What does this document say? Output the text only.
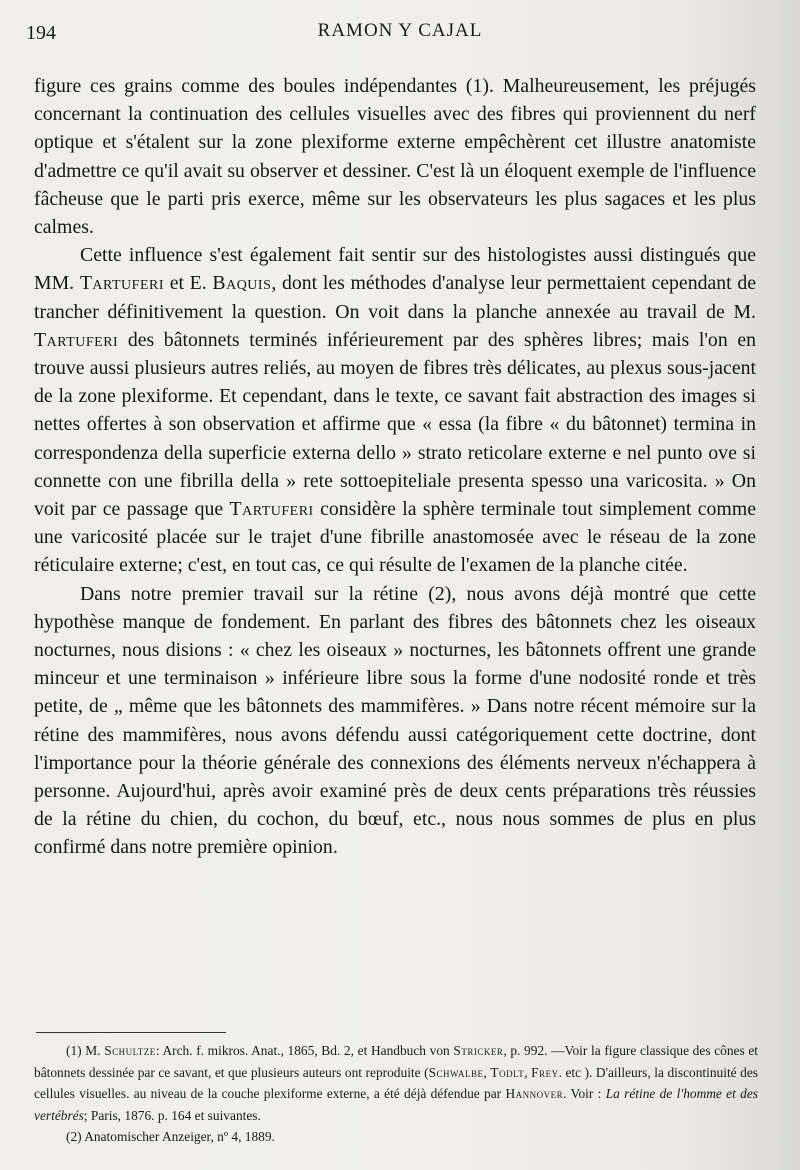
194	RAMON Y CAJAL

figure ces grains comme des boules indépendantes (1). Malheureusement, les préjugés concernant la continuation des cellules visuelles avec des fibres qui proviennent du nerf optique et s'étalent sur la zone plexiforme externe empêchèrent cet illustre anatomiste d'admettre ce qu'il avait su observer et dessiner. C'est là un éloquent exemple de l'influence fâcheuse que le parti pris exerce, même sur les observateurs les plus sagaces et les plus calmes.

Cette influence s'est également fait sentir sur des histologistes aussi distingués que MM. Tartuferi et E. Baquis, dont les méthodes d'analyse leur permettaient cependant de trancher définitivement la question. On voit dans la planche annexée au travail de M. Tartuferi des bâtonnets terminés inférieurement par des sphères libres; mais l'on en trouve aussi plusieurs autres reliés, au moyen de fibres très délicates, au plexus sous-jacent de la zone plexiforme. Et cependant, dans le texte, ce savant fait abstraction des images si nettes offertes à son observation et affirme que « essa (la fibre « du bâtonnet) termina in correspondenza della superficie externa dello » strato reticolare externe e nel punto ove si connette con une fibrilla della » rete sottoepiteliale presenta spesso una varicosita. » On voit par ce passage que Tartuferi considère la sphère terminale tout simplement comme une varicosité placée sur le trajet d'une fibrille anastomosée avec le réseau de la zone réticulaire externe; c'est, en tout cas, ce qui résulte de l'examen de la planche citée.

Dans notre premier travail sur la rétine (2), nous avons déjà montré que cette hypothèse manque de fondement. En parlant des fibres des bâtonnets chez les oiseaux nocturnes, nous disions : « chez les oiseaux » nocturnes, les bâtonnets offrent une grande minceur et une terminaison » inférieure libre sous la forme d'une nodosité ronde et très petite, de „ même que les bâtonnets des mammifères. » Dans notre récent mémoire sur la rétine des mammifères, nous avons défendu aussi catégoriquement cette doctrine, dont l'importance pour la théorie générale des connexions des éléments nerveux n'échappera à personne. Aujourd'hui, après avoir examiné près de deux cents préparations très réussies de la rétine du chien, du cochon, du bœuf, etc., nous nous sommes de plus en plus confirmé dans notre première opinion.

(1) M. Schultze: Arch. f. mikros. Anat., 1865, Bd. 2, et Handbuch von Stricker, p. 992. —Voir la figure classique des cônes et bâtonnets dessinée par ce savant, et que plusieurs auteurs ont reproduite (Schwalbe, Todlt, Frey. etc ). D'ailleurs, la discontinuité des cellules visuelles. au niveau de la couche plexiforme externe, a été déjà défendue par Hannover. Voir : La rétine de l'homme et des vertébrés; Paris, 1876. p. 164 et suivantes.

(2) Anatomischer Anzeiger, nº 4, 1889.
